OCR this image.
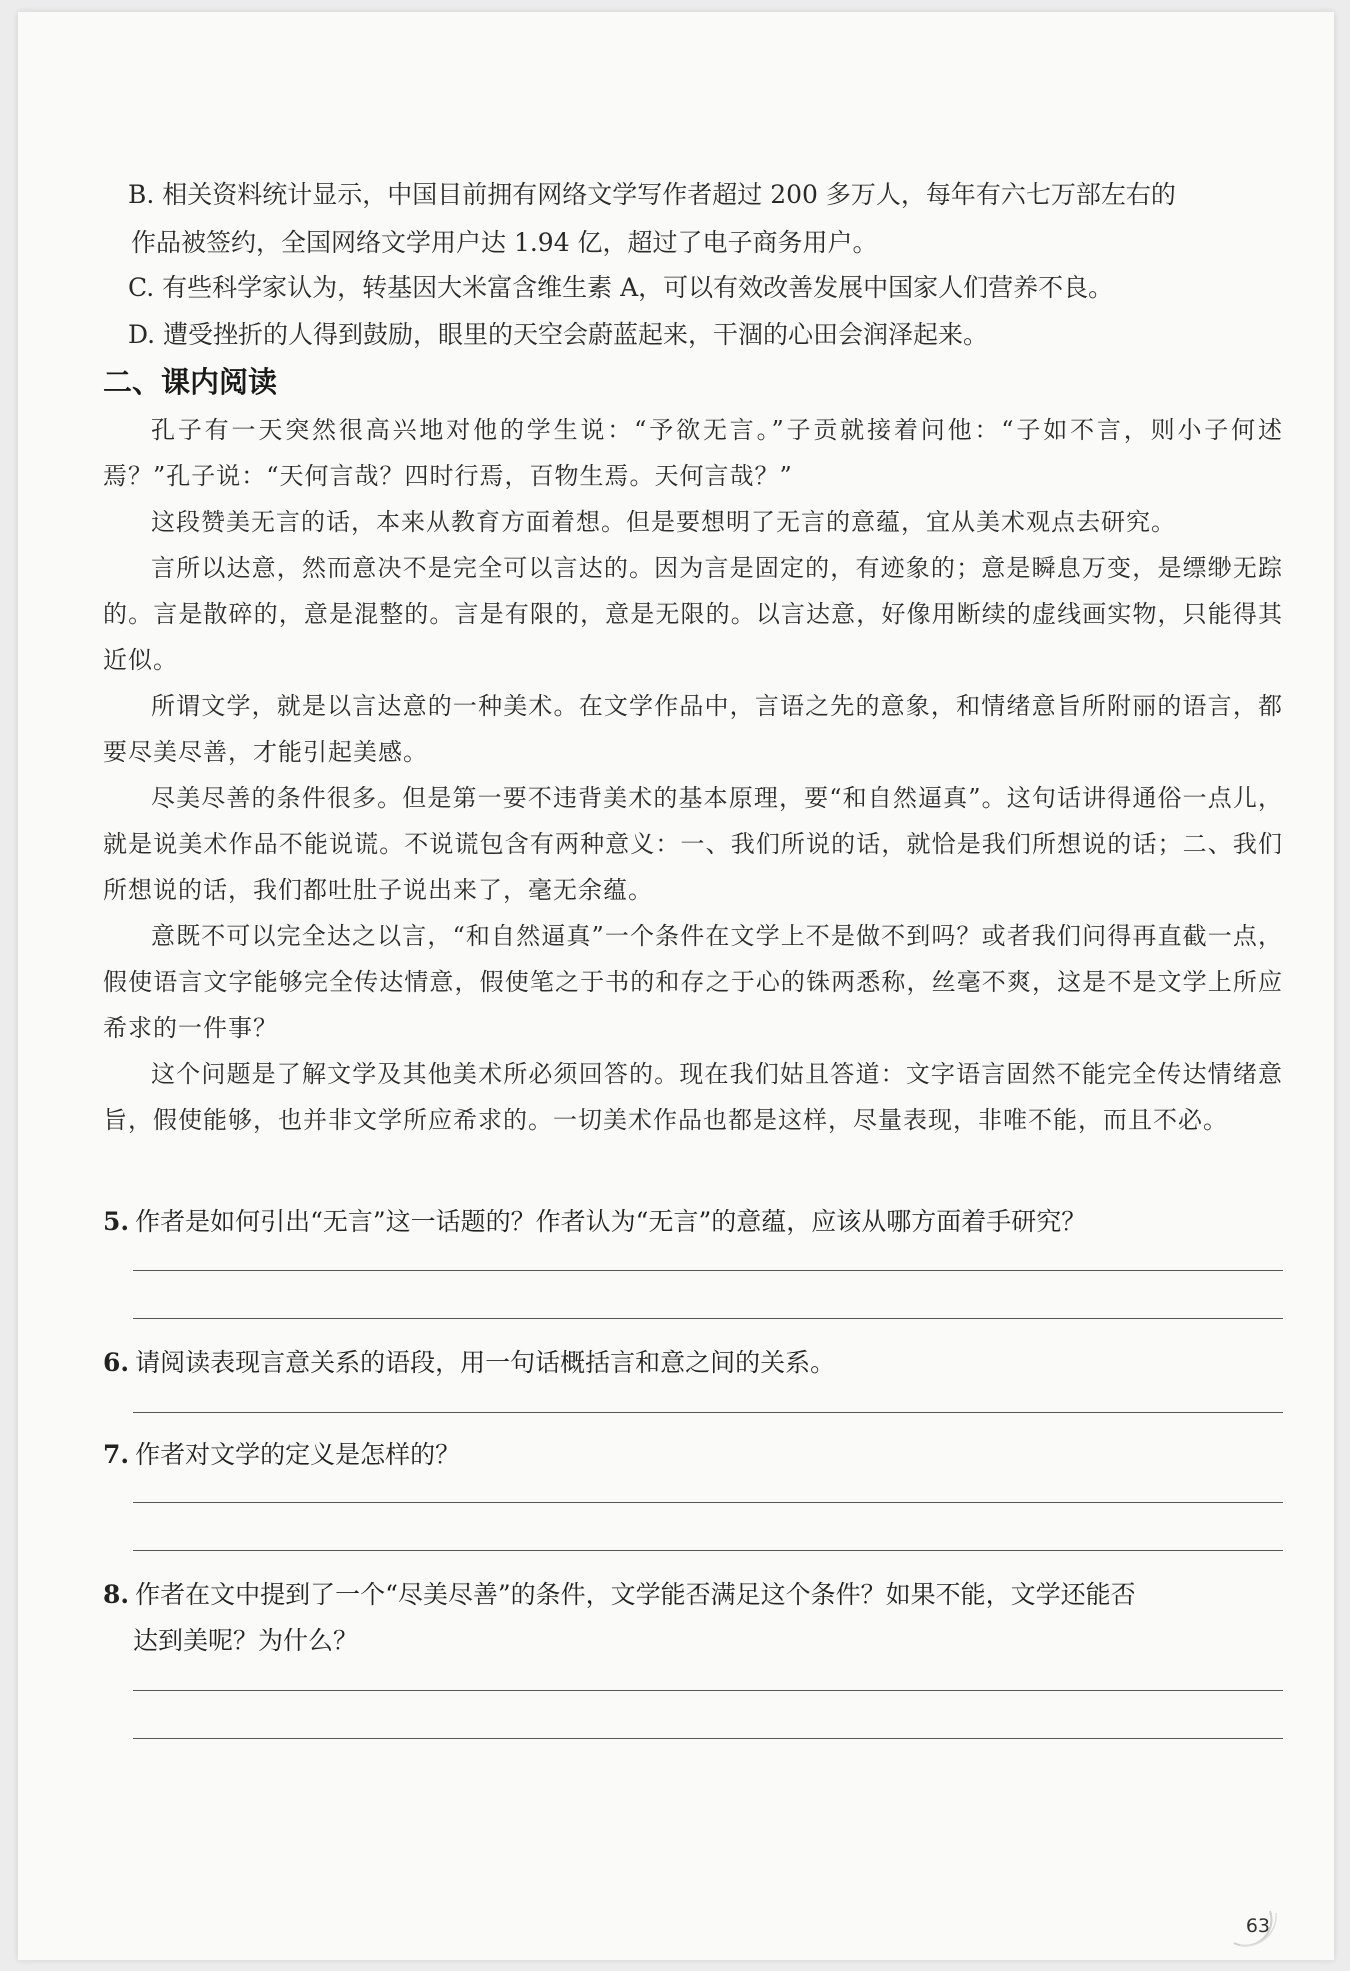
B. 相关资料统计显示，中国目前拥有网络文学写作者超过 200 多万人，每年有六七万部左右的
作品被签约，全国网络文学用户达 1.94 亿，超过了电子商务用户。
C. 有些科学家认为，转基因大米富含维生素 A，可以有效改善发展中国家人们营养不良。
D. 遭受挫折的人得到鼓励，眼里的天空会蔚蓝起来，干涸的心田会润泽起来。
二、课内阅读

孔子有一天突然很高兴地对他的学生说：“予欲无言。”子贡就接着问他：“子如不言，则小子何述焉？”孔子说：“天何言哉？四时行焉，百物生焉。天何言哉？”

这段赞美无言的话，本来从教育方面着想。但是要想明了无言的意蕴，宜从美术观点去研究。

言所以达意，然而意决不是完全可以言达的。因为言是固定的，有迹象的；意是瞬息万变，是缥缈无踪的。言是散碎的，意是混整的。言是有限的，意是无限的。以言达意，好像用断续的虚线画实物，只能得其近似。

所谓文学，就是以言达意的一种美术。在文学作品中，言语之先的意象，和情绪意旨所附丽的语言，都要尽美尽善，才能引起美感。

尽美尽善的条件很多。但是第一要不违背美术的基本原理，要“和自然逼真”。这句话讲得通俗一点儿，就是说美术作品不能说谎。不说谎包含有两种意义：一、我们所说的话，就恰是我们所想说的话；二、我们所想说的话，我们都吐肚子说出来了，毫无余蕴。

意既不可以完全达之以言，“和自然逼真”一个条件在文学上不是做不到吗？或者我们问得再直截一点，假使语言文字能够完全传达情意，假使笔之于书的和存之于心的铢两悉称，丝毫不爽，这是不是文学上所应希求的一件事？

这个问题是了解文学及其他美术所必须回答的。现在我们姑且答道：文字语言固然不能完全传达情绪意旨，假使能够，也并非文学所应希求的。一切美术作品也都是这样，尽量表现，非唯不能，而且不必。

5. 作者是如何引出“无言”这一话题的？作者认为“无言”的意蕴，应该从哪方面着手研究？
6. 请阅读表现言意关系的语段，用一句话概括言和意之间的关系。
7. 作者对文学的定义是怎样的？
8. 作者在文中提到了一个“尽美尽善”的条件，文学能否满足这个条件？如果不能，文学还能否
达到美呢？为什么？
63
